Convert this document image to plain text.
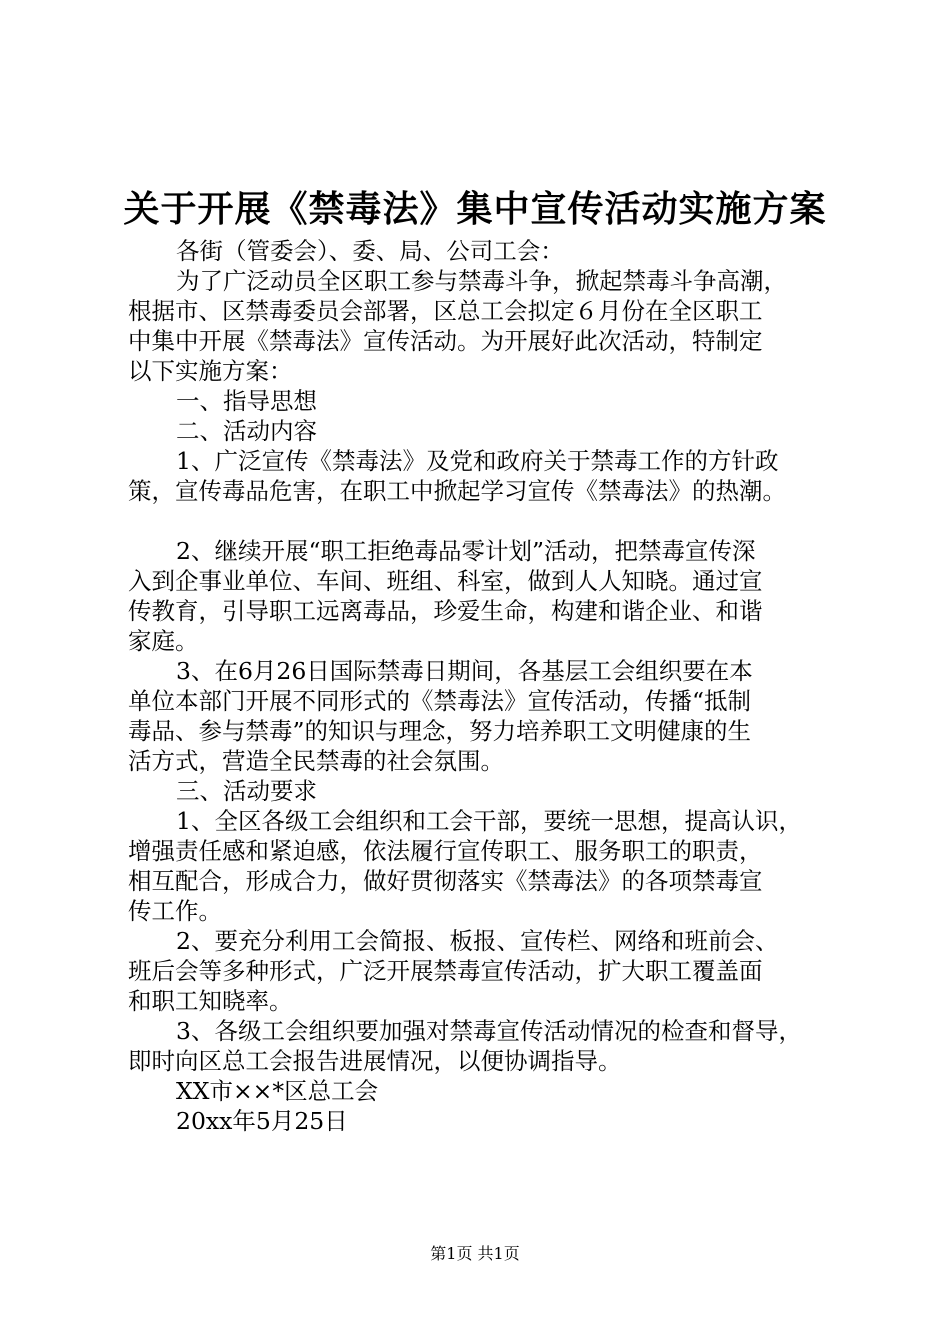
关于开展《禁毒法》集中宣传活动实施方案
各街（管委会）、委、局、公司工会：
为了广泛动员全区职工参与禁毒斗争，掀起禁毒斗争高潮，
根据市、区禁毒委员会部署，区总工会拟定６月份在全区职工
中集中开展《禁毒法》宣传活动。为开展好此次活动，特制定
以下实施方案：
一、指导思想
二、活动内容
1、广泛宣传《禁毒法》及党和政府关于禁毒工作的方针政
策，宣传毒品危害，在职工中掀起学习宣传《禁毒法》的热潮。
2、继续开展“职工拒绝毒品零计划”活动，把禁毒宣传深
入到企事业单位、车间、班组、科室，做到人人知晓。通过宣
传教育，引导职工远离毒品，珍爱生命，构建和谐企业、和谐
家庭。
3、在6月26日国际禁毒日期间，各基层工会组织要在本
单位本部门开展不同形式的《禁毒法》宣传活动，传播“抵制
毒品、参与禁毒”的知识与理念，努力培养职工文明健康的生
活方式，营造全民禁毒的社会氛围。
三、活动要求
1、全区各级工会组织和工会干部，要统一思想，提高认识，
增强责任感和紧迫感，依法履行宣传职工、服务职工的职责，
相互配合，形成合力，做好贯彻落实《禁毒法》的各项禁毒宣
传工作。
2、要充分利用工会简报、板报、宣传栏、网络和班前会、
班后会等多种形式，广泛开展禁毒宣传活动，扩大职工覆盖面
和职工知晓率。
3、各级工会组织要加强对禁毒宣传活动情况的检查和督导，
即时向区总工会报告进展情况，以便协调指导。
XX市××*区总工会
20xx年5月25日
第1页 共1页
